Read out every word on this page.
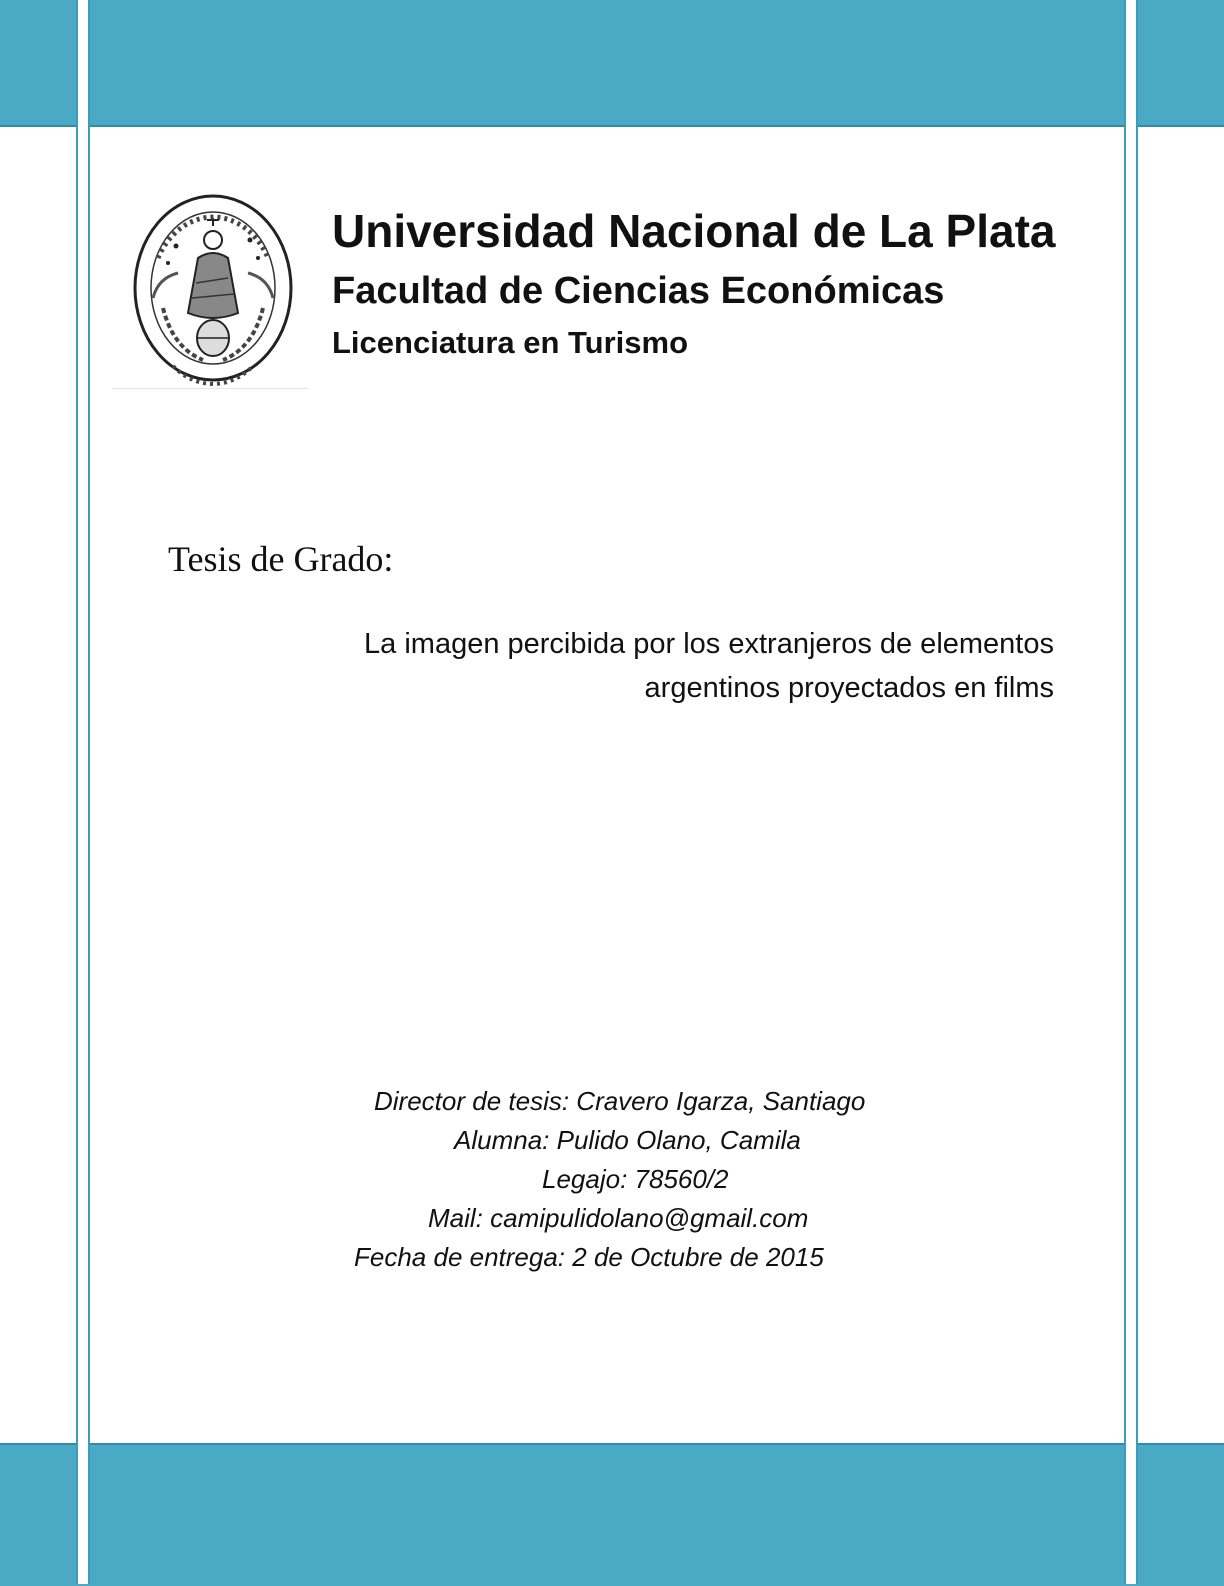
Universidad Nacional de La Plata
Facultad de Ciencias Económicas
Licenciatura en Turismo
Tesis de Grado:
La imagen percibida por los extranjeros de elementos
argentinos proyectados en films
Director de tesis: Cravero Igarza, Santiago
Alumna: Pulido Olano, Camila
Legajo: 78560/2
Mail: camipulidolano@gmail.com
Fecha de entrega: 2 de Octubre de 2015
